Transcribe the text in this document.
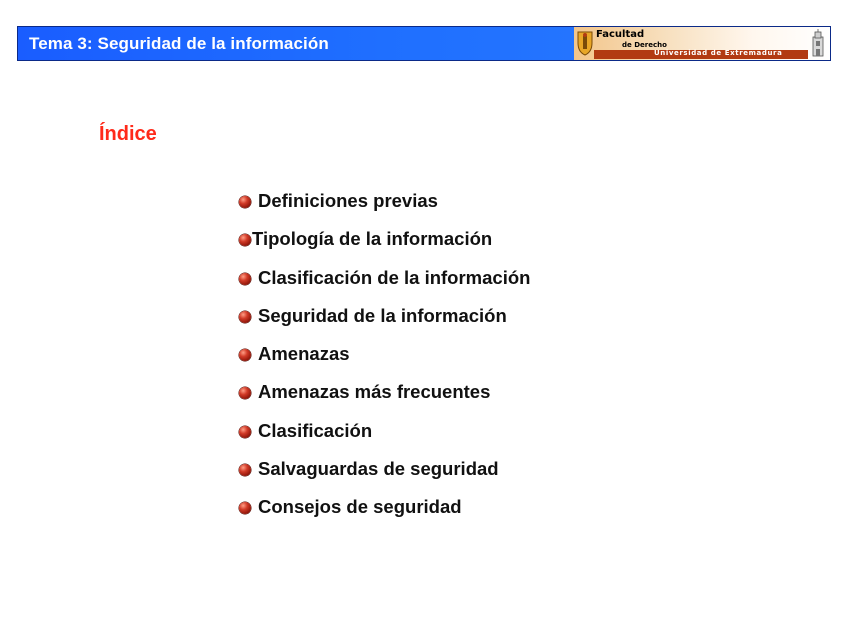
Tema 3: Seguridad de la información	Facultad
de Derecho
Universidad de Extremadura
Índice
Definiciones previas
Tipología de la información
Clasificación de la información
Seguridad de la información
Amenazas
Amenazas más frecuentes
Clasificación
Salvaguardas de seguridad
Consejos de seguridad
